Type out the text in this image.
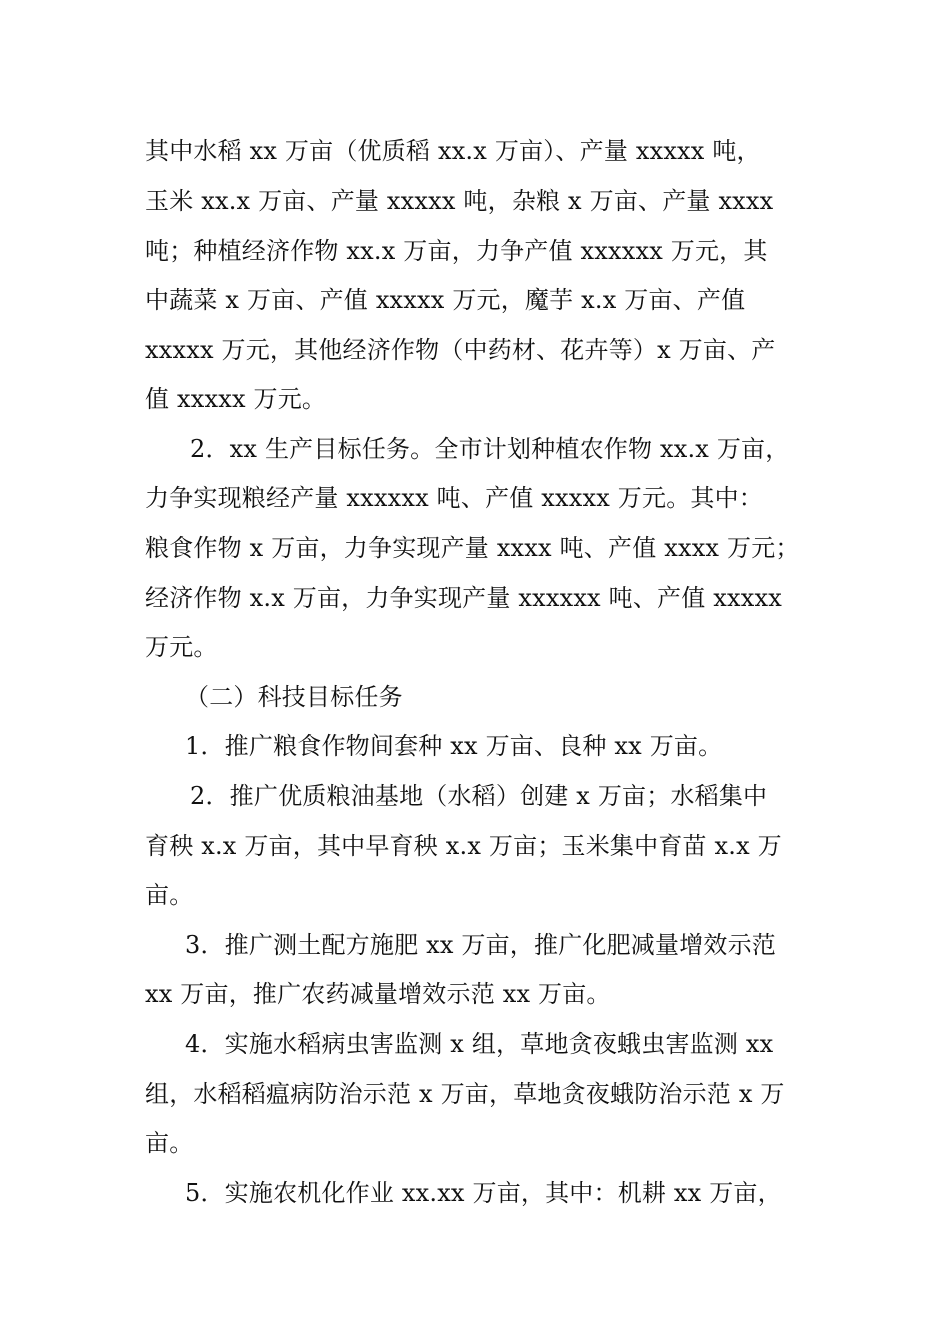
其中水稻 xx 万亩（优质稻 xx.x 万亩）、产量 xxxxx 吨，

玉米 xx.x 万亩、产量 xxxxx 吨，杂粮 x 万亩、产量 xxxx

吨；种植经济作物 xx.x 万亩，力争产值 xxxxxx 万元，其

中蔬菜 x 万亩、产值 xxxxx 万元，魔芋 x.x 万亩、产值

xxxxx 万元，其他经济作物（中药材、花卉等）x 万亩、产

值 xxxxx 万元。

2．xx 生产目标任务。全市计划种植农作物 xx.x 万亩，

力争实现粮经产量 xxxxxx 吨、产值 xxxxx 万元。其中：

粮食作物 x 万亩，力争实现产量 xxxx 吨、产值 xxxx 万元；

经济作物 x.x 万亩，力争实现产量 xxxxxx 吨、产值 xxxxx

万元。

（二）科技目标任务

1．推广粮食作物间套种 xx 万亩、良种 xx 万亩。

2．推广优质粮油基地（水稻）创建 x 万亩；水稻集中

育秧 x.x 万亩，其中早育秧 x.x 万亩；玉米集中育苗 x.x 万

亩。

3．推广测土配方施肥 xx 万亩，推广化肥减量增效示范

xx 万亩，推广农药减量增效示范 xx 万亩。

4．实施水稻病虫害监测 x 组，草地贪夜蛾虫害监测 xx

组，水稻稻瘟病防治示范 x 万亩，草地贪夜蛾防治示范 x 万

亩。

5．实施农机化作业 xx.xx 万亩，其中：机耕 xx 万亩，
